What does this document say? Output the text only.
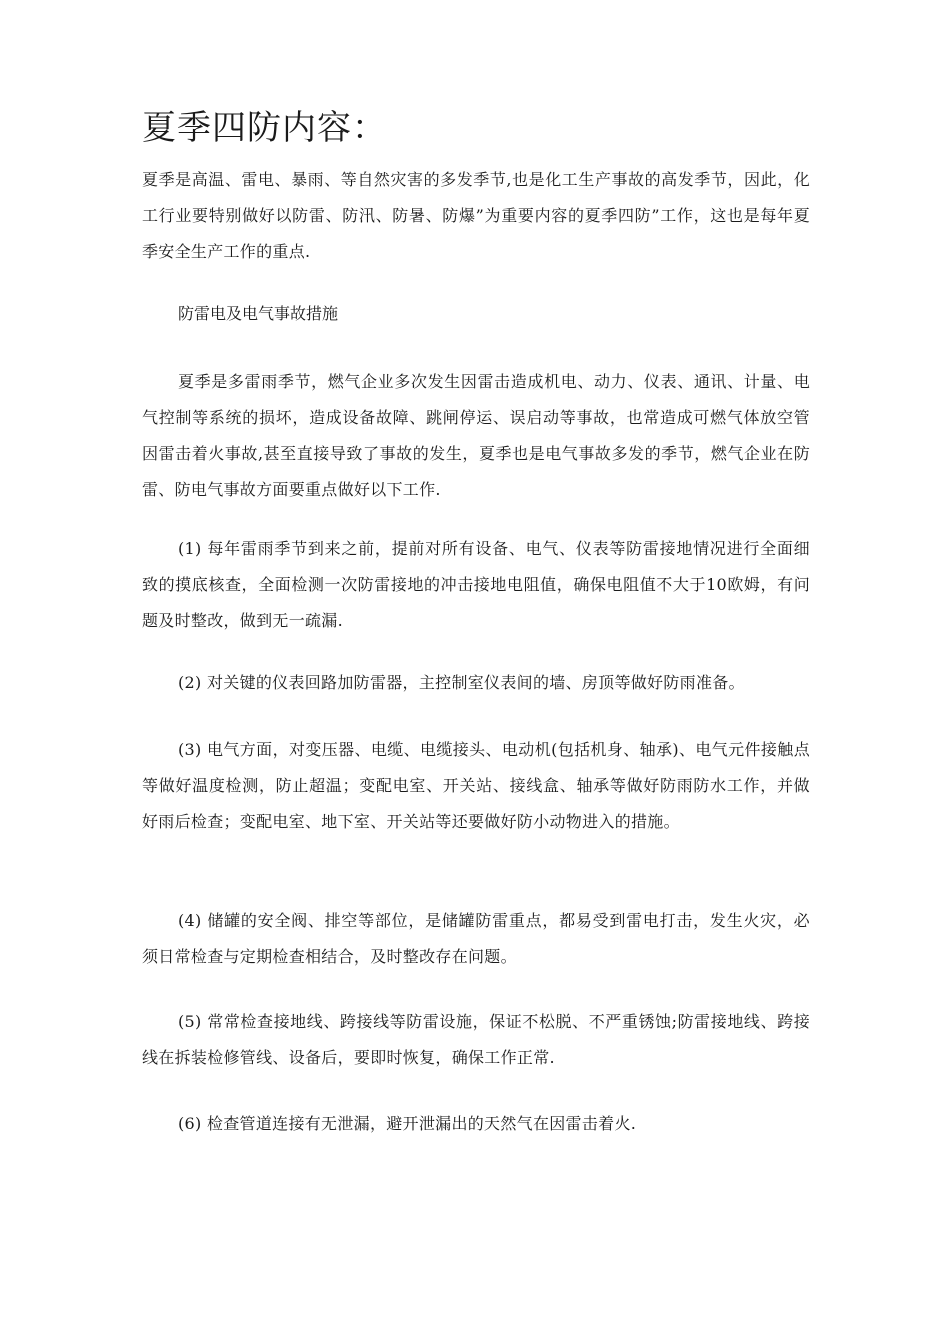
夏季四防内容：

夏季是高温、雷电、暴雨、等自然灾害的多发季节,也是化工生产事故的高发季节，因此，化工行业要特别做好以防雷、防汛、防暑、防爆”为重要内容的夏季四防”工作，这也是每年夏季安全生产工作的重点.

防雷电及电气事故措施

夏季是多雷雨季节，燃气企业多次发生因雷击造成机电、动力、仪表、通讯、计量、电气控制等系统的损坏，造成设备故障、跳闸停运、误启动等事故，也常造成可燃气体放空管因雷击着火事故,甚至直接导致了事故的发生，夏季也是电气事故多发的季节，燃气企业在防雷、防电气事故方面要重点做好以下工作.

(1) 每年雷雨季节到来之前，提前对所有设备、电气、仪表等防雷接地情况进行全面细致的摸底核查，全面检测一次防雷接地的冲击接地电阻值，确保电阻值不大于10欧姆，有问题及时整改，做到无一疏漏.

(2) 对关键的仪表回路加防雷器，主控制室仪表间的墙、房顶等做好防雨准备。

(3) 电气方面，对变压器、电缆、电缆接头、电动机(包括机身、轴承)、电气元件接触点等做好温度检测，防止超温；变配电室、开关站、接线盒、轴承等做好防雨防水工作，并做好雨后检查；变配电室、地下室、开关站等还要做好防小动物进入的措施。

(4) 储罐的安全阀、排空等部位，是储罐防雷重点，都易受到雷电打击，发生火灾，必须日常检查与定期检查相结合，及时整改存在问题。

(5) 常常检查接地线、跨接线等防雷设施，保证不松脱、不严重锈蚀;防雷接地线、跨接线在拆装检修管线、设备后，要即时恢复，确保工作正常.

(6) 检查管道连接有无泄漏，避开泄漏出的天然气在因雷击着火.
